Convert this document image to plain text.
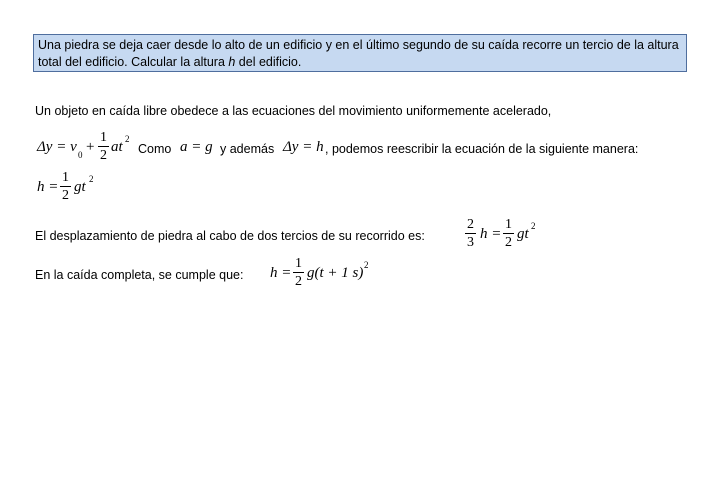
Una piedra se deja caer desde lo alto de un edificio y en el último segundo de su caída recorre un tercio de la altura total del edificio. Calcular la altura h del edificio.
Un objeto en caída libre obedece a las ecuaciones del movimiento uniformemente acelerado,
Δy = v 0 +
1
2
at 2
Como a = g y además Δy = h , podemos reescribir la ecuación de la siguiente manera:
h =
1
2
gt 2
El desplazamiento de piedra al cabo de dos tercios de su recorrido es:
2
3
h =
1
2
gt 2
En la caída completa, se cumple que: h =
1
2
g(t + 1 s) 2
